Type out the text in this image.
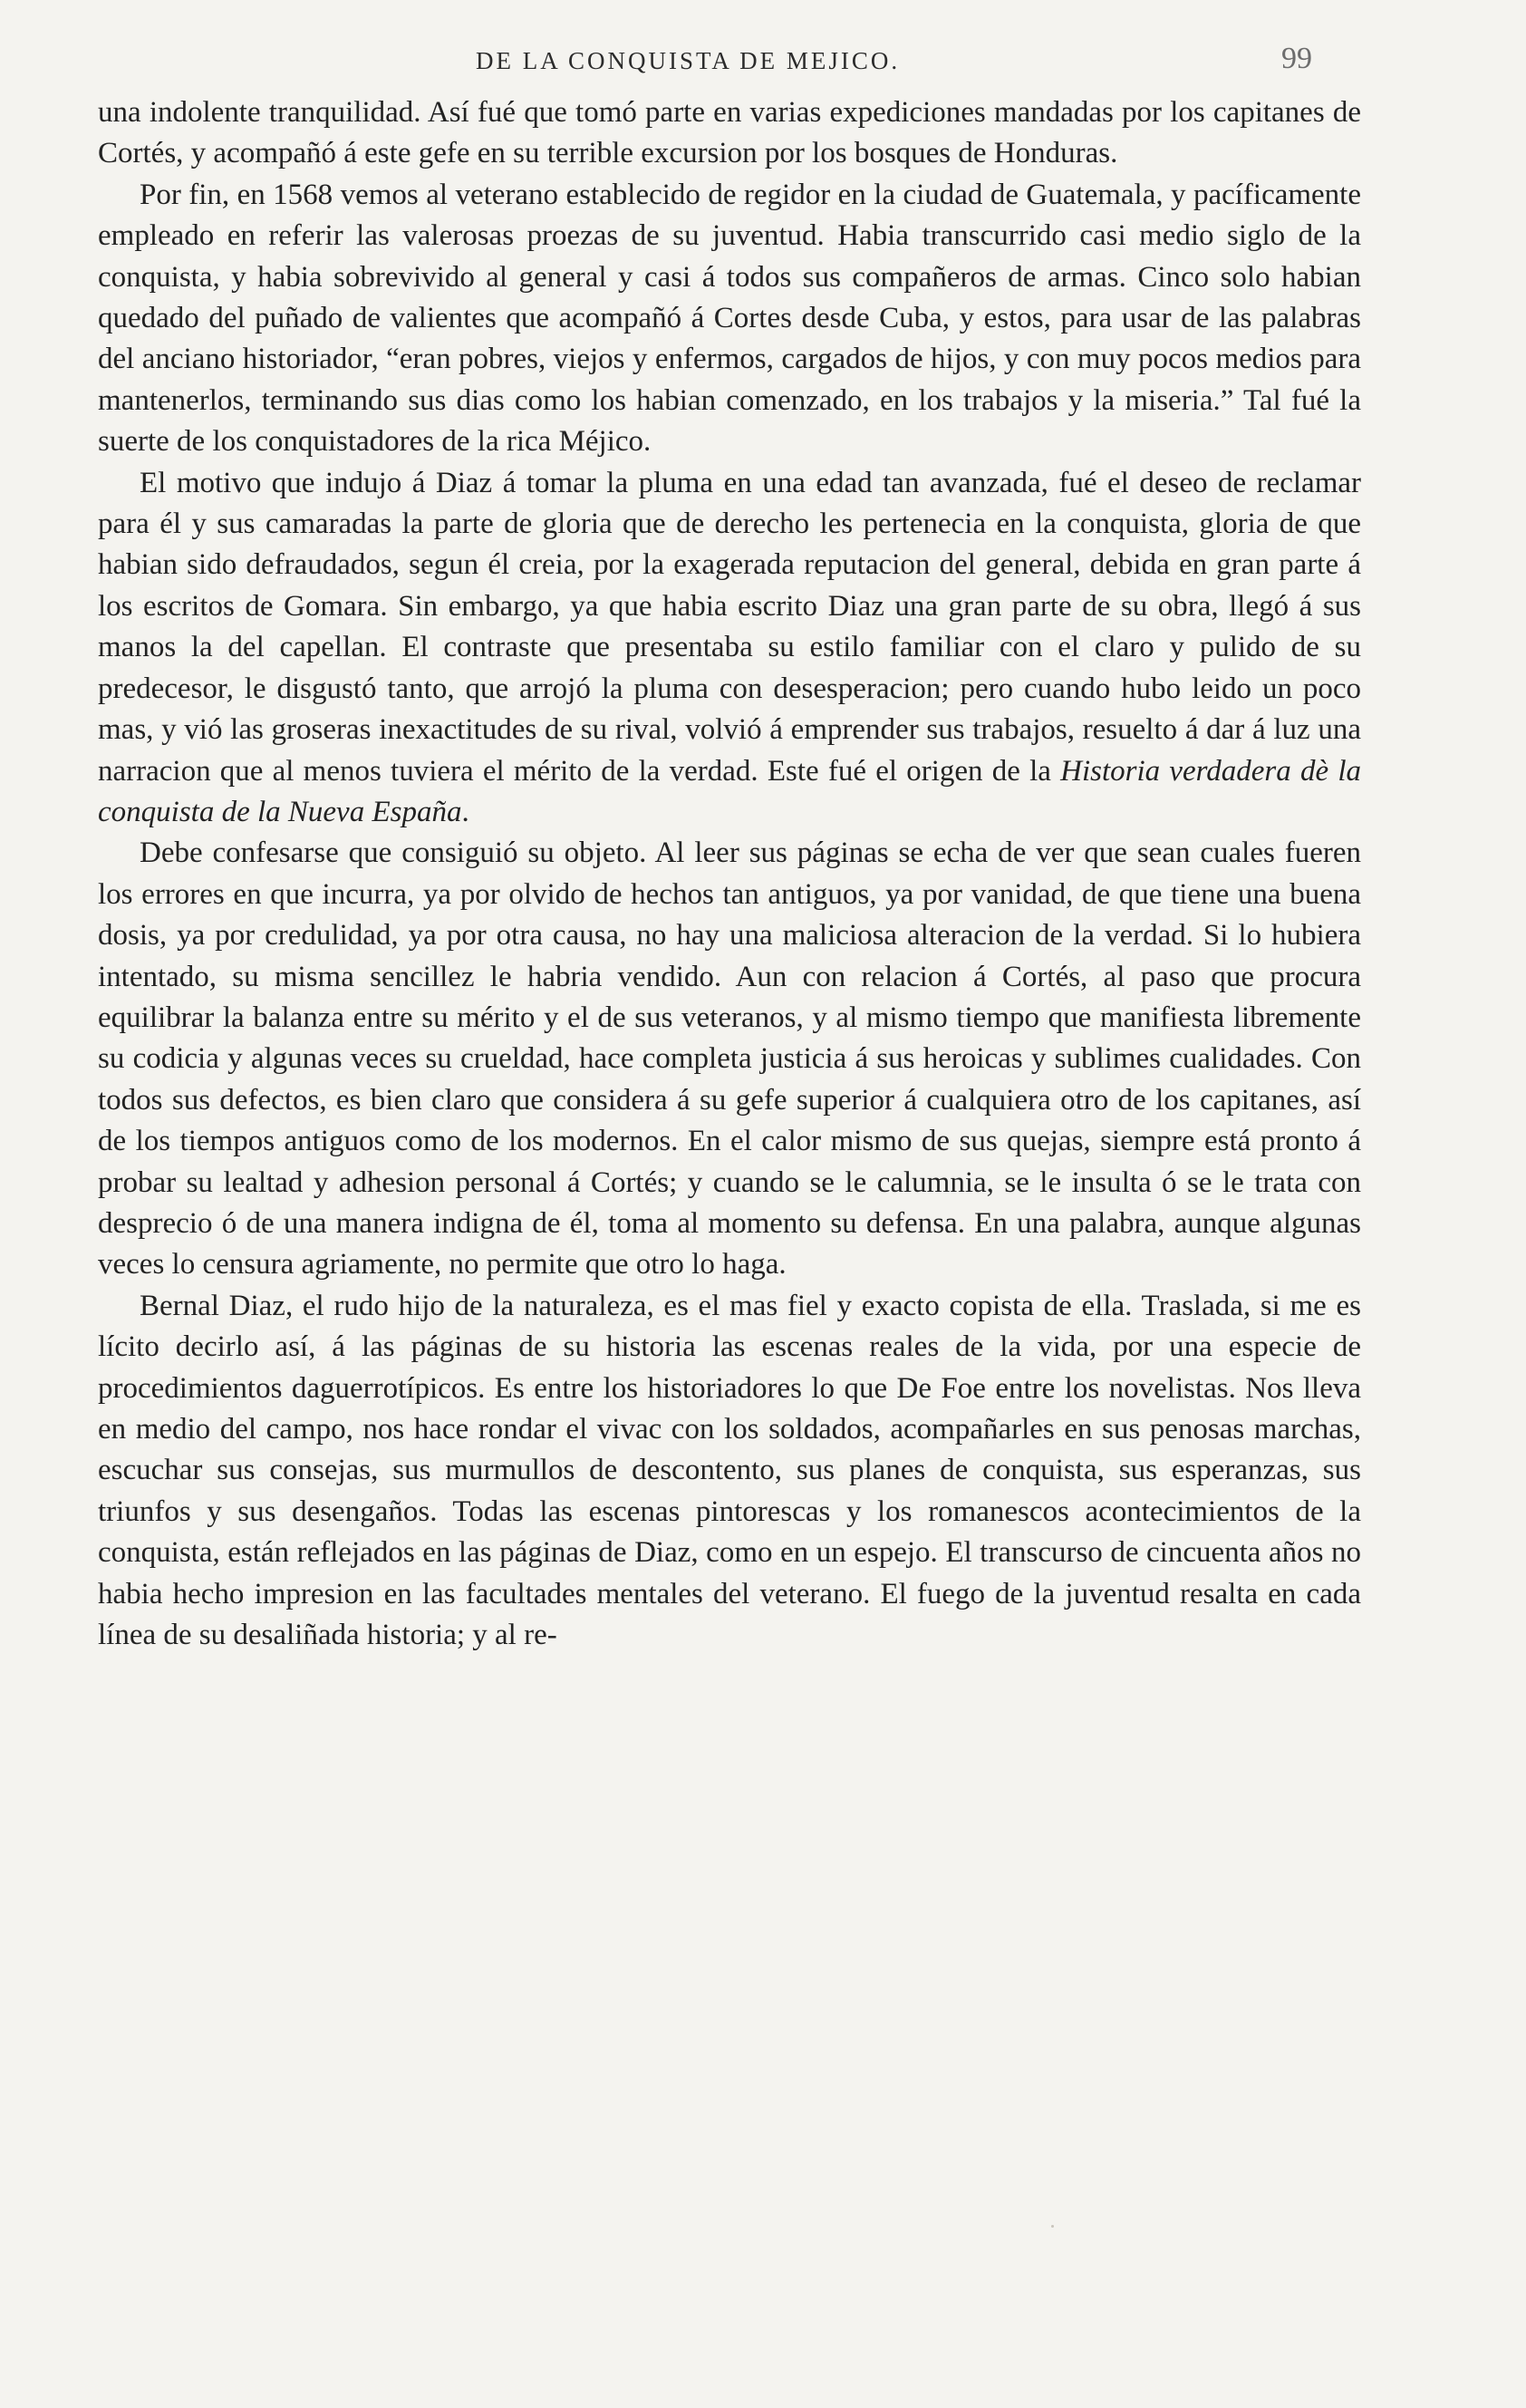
DE LA CONQUISTA DE MEJICO.	99

una indolente tranquilidad. Así fué que tomó parte en varias expediciones mandadas por los capitanes de Cortés, y acompañó á este gefe en su terrible excursion por los bosques de Honduras.

Por fin, en 1568 vemos al veterano establecido de regidor en la ciudad de Guatemala, y pacíficamente empleado en referir las valerosas proezas de su juventud. Habia transcurrido casi medio siglo de la conquista, y habia sobrevivido al general y casi á todos sus compañeros de armas. Cinco solo habian quedado del puñado de valientes que acompañó á Cortes desde Cuba, y estos, para usar de las palabras del anciano historiador, “eran pobres, viejos y enfermos, cargados de hijos, y con muy pocos medios para mantenerlos, terminando sus dias como los habian comenzado, en los trabajos y la miseria.” Tal fué la suerte de los conquistadores de la rica Méjico.

El motivo que indujo á Diaz á tomar la pluma en una edad tan avanzada, fué el deseo de reclamar para él y sus camaradas la parte de gloria que de derecho les pertenecia en la conquista, gloria de que habian sido defraudados, segun él creia, por la exagerada reputacion del general, debida en gran parte á los escritos de Gomara. Sin embargo, ya que habia escrito Diaz una gran parte de su obra, llegó á sus manos la del capellan. El contraste que presentaba su estilo familiar con el claro y pulido de su predecesor, le disgustó tanto, que arrojó la pluma con desesperacion; pero cuando hubo leido un poco mas, y vió las groseras inexactitudes de su rival, volvió á emprender sus trabajos, resuelto á dar á luz una narracion que al menos tuviera el mérito de la verdad. Este fué el origen de la Historia verdadera dè la conquista de la Nueva España.

Debe confesarse que consiguió su objeto. Al leer sus páginas se echa de ver que sean cuales fueren los errores en que incurra, ya por olvido de hechos tan antiguos, ya por vanidad, de que tiene una buena dosis, ya por credulidad, ya por otra causa, no hay una maliciosa alteracion de la verdad. Si lo hubiera intentado, su misma sencillez le habria vendido. Aun con relacion á Cortés, al paso que procura equilibrar la balanza entre su mérito y el de sus veteranos, y al mismo tiempo que manifiesta libremente su codicia y algunas veces su crueldad, hace completa justicia á sus heroicas y sublimes cualidades. Con todos sus defectos, es bien claro que considera á su gefe superior á cualquiera otro de los capitanes, así de los tiempos antiguos como de los modernos. En el calor mismo de sus quejas, siempre está pronto á probar su lealtad y adhesion personal á Cortés; y cuando se le calumnia, se le insulta ó se le trata con desprecio ó de una manera indigna de él, toma al momento su defensa. En una palabra, aunque algunas veces lo censura agriamente, no permite que otro lo haga.

Bernal Diaz, el rudo hijo de la naturaleza, es el mas fiel y exacto copista de ella. Traslada, si me es lícito decirlo así, á las páginas de su historia las escenas reales de la vida, por una especie de procedimientos daguerrotípicos. Es entre los historiadores lo que De Foe entre los novelistas. Nos lleva en medio del campo, nos hace rondar el vivac con los soldados, acompañarles en sus penosas marchas, escuchar sus consejas, sus murmullos de descontento, sus planes de conquista, sus esperanzas, sus triunfos y sus desengaños. Todas las escenas pintorescas y los romanescos acontecimientos de la conquista, están reflejados en las páginas de Diaz, como en un espejo. El transcurso de cincuenta años no habia hecho impresion en las facultades mentales del veterano. El fuego de la juventud resalta en cada línea de su desaliñada historia; y al re-
